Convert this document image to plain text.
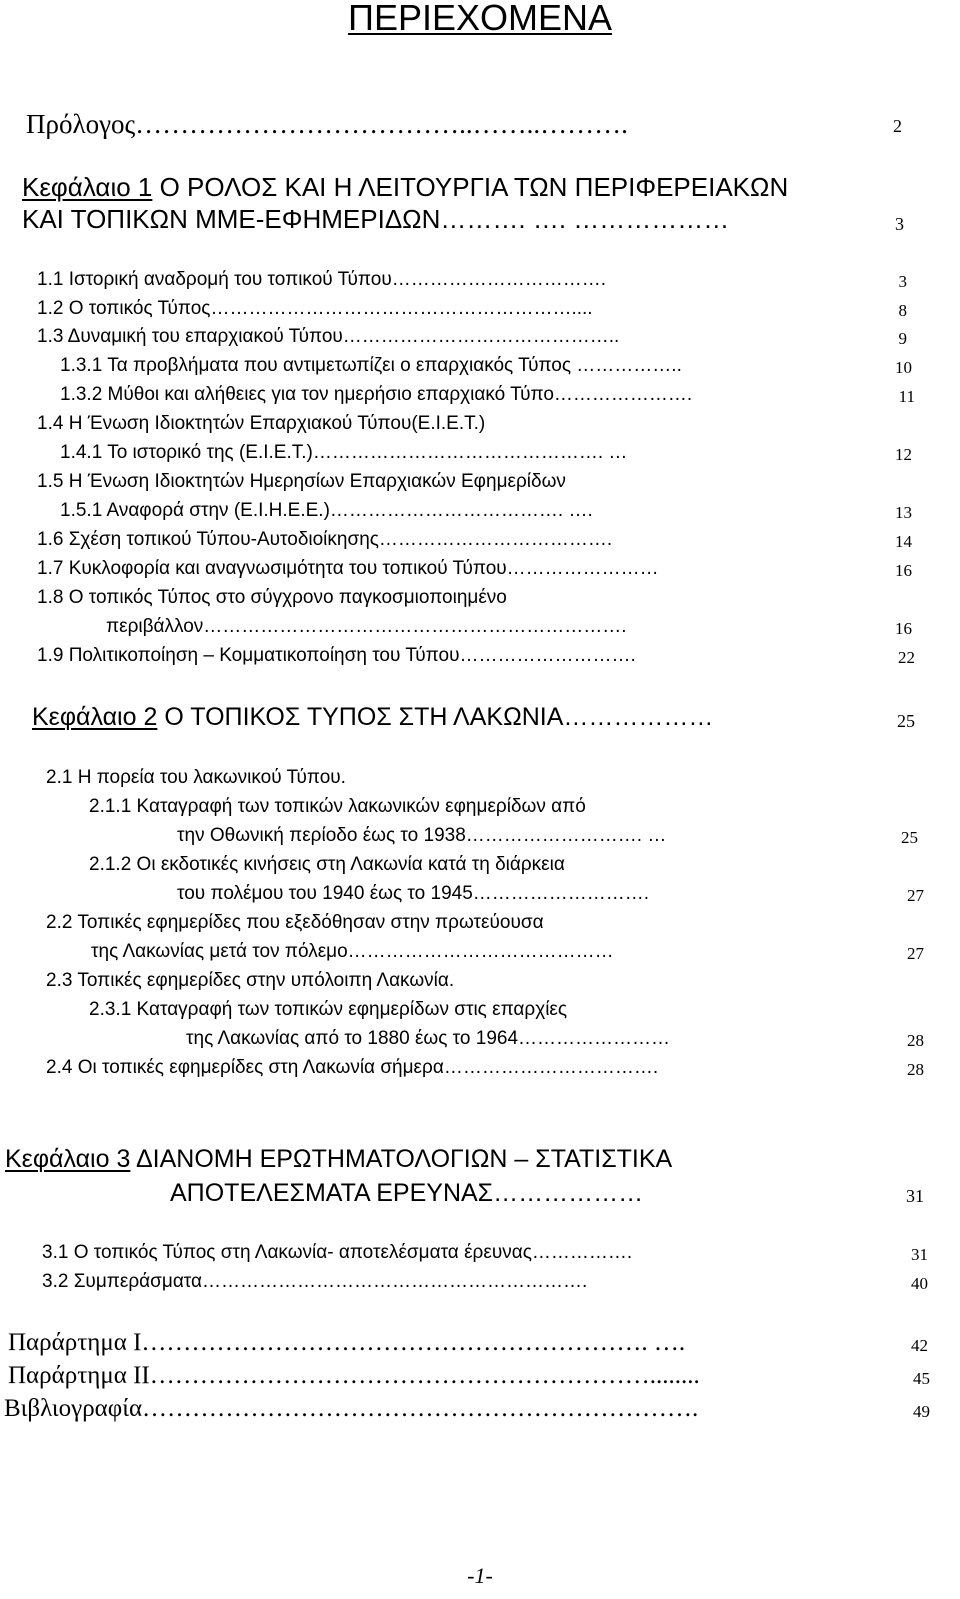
ΠΕΡΙΕΧΟΜΕΝΑ
Πρόλογος………………………………..……..……….	2
Κεφάλαιο 1 Ο ΡΟΛΟΣ ΚΑΙ Η ΛΕΙΤΟΥΡΓΙΑ ΤΩΝ ΠΕΡΙΦΕΡΕΙΑΚΩΝ
ΚΑΙ ΤΟΠΙΚΩΝ ΜΜΕ-ΕΦΗΜΕΡΙΔΩΝ………. …. ………………	3
1.1 Ιστορική αναδρομή του τοπικού Τύπου…………………………….	3
1.2 Ο τοπικός Τύπος…………………………………………………....	8
1.3 Δυναμική του επαρχιακού Τύπου……………………………………..	9
1.3.1 Τα προβλήματα που αντιμετωπίζει ο επαρχιακός Τύπος ……………..	10
1.3.2 Μύθοι και αλήθειες για τον ημερήσιο επαρχιακό Τύπο………………….	11
1.4 Η Ένωση Ιδιοκτητών Επαρχιακού Τύπου(Ε.Ι.Ε.Τ.)
1.4.1 Το ιστορικό της (Ε.Ι.Ε.Τ.)………………………………………. …	12
1.5 Η Ένωση Ιδιοκτητών Ημερησίων Επαρχιακών Εφημερίδων
1.5.1 Αναφορά στην (Ε.Ι.Η.Ε.Ε.)………………………………. ….	13
1.6 Σχέση τοπικού Τύπου-Αυτοδιοίκησης……………………………….	14
1.7 Κυκλοφορία και αναγνωσιμότητα του τοπικού Τύπου……………………	16
1.8 Ο τοπικός Τύπος στο σύγχρονο παγκοσμιοποιημένο
περιβάλλον………………………………………………………….	16
1.9 Πολιτικοποίηση – Κομματικοποίηση του Τύπου……………………….	22
Κεφάλαιο 2 Ο ΤΟΠΙΚΟΣ ΤΥΠΟΣ ΣΤΗ ΛΑΚΩΝΙΑ………………	25
2.1 Η πορεία του λακωνικού Τύπου.
2.1.1 Καταγραφή των τοπικών λακωνικών εφημερίδων από
την Οθωνική περίοδο έως το 1938………………………. …	25
2.1.2 Οι εκδοτικές κινήσεις στη Λακωνία κατά τη διάρκεια
του πολέμου του 1940 έως το 1945……………………….	27
2.2 Τοπικές εφημερίδες που εξεδόθησαν στην πρωτεύουσα
της Λακωνίας μετά τον πόλεμο……………………………………	27
2.3 Τοπικές εφημερίδες στην υπόλοιπη Λακωνία.
2.3.1 Καταγραφή των τοπικών εφημερίδων στις επαρχίες
της Λακωνίας από το 1880 έως το 1964……………………	28
2.4 Οι τοπικές εφημερίδες στη Λακωνία σήμερα…………………………….	28
Κεφάλαιο 3 ΔΙΑΝΟΜΗ ΕΡΩΤΗΜΑΤΟΛΟΓΙΩΝ – ΣΤΑΤΙΣΤΙΚΑ
ΑΠΟΤΕΛΕΣΜΑΤΑ ΕΡΕΥΝΑΣ………………	31
3.1 Ο τοπικός Τύπος στη Λακωνία- αποτελέσματα έρευνας…………….	31
3.2 Συμπεράσματα…………………………………………………….	40
Παράρτημα Ι……………………………………………………. ….	42
Παράρτημα ΙΙ……………………………………………………........	45
Βιβλιογραφία………………………………………………………….	49
-1-
